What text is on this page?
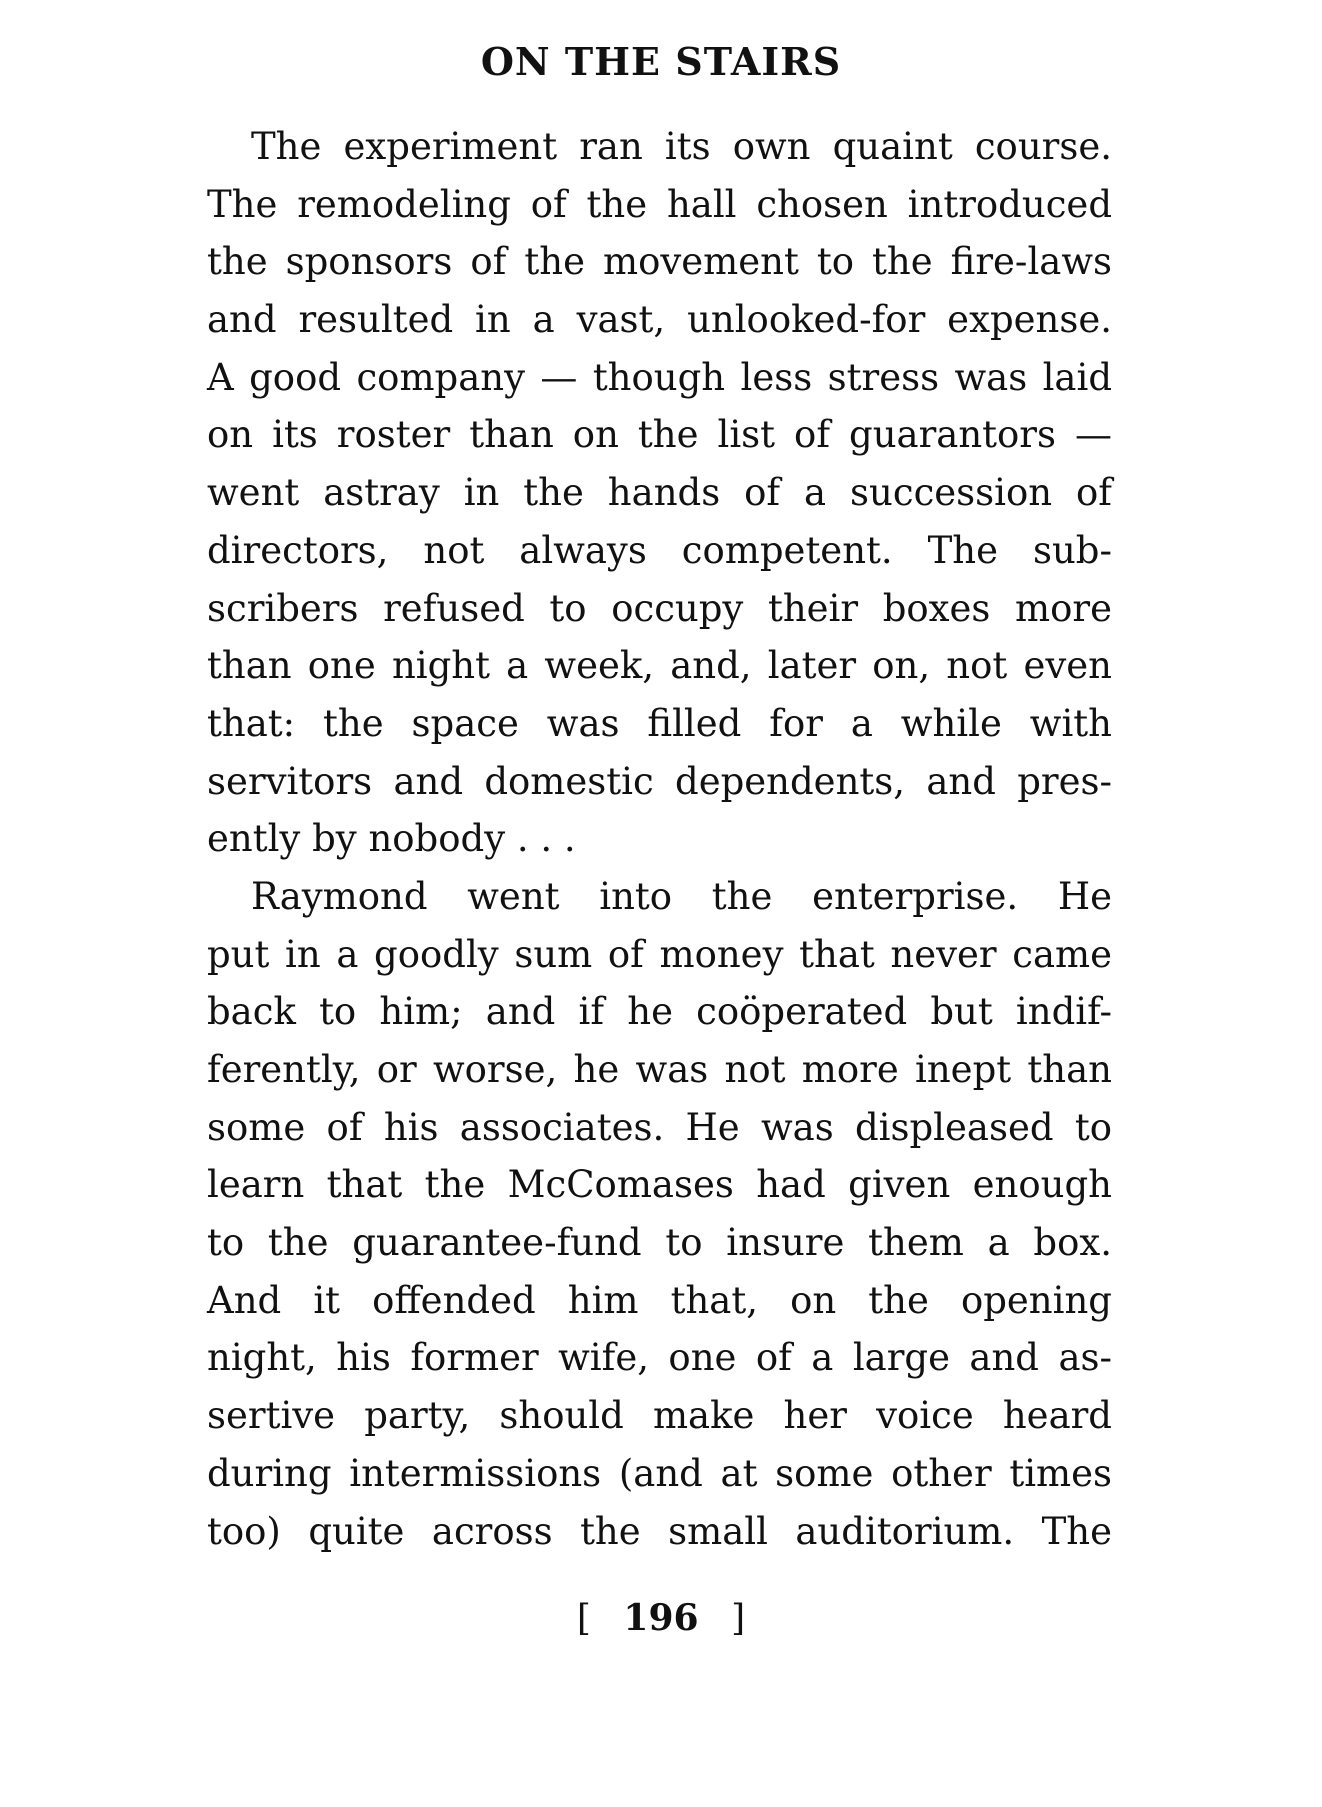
ON THE STAIRS
The experiment ran its own quaint course.
The remodeling of the hall chosen introduced
the sponsors of the movement to the fire-laws
and resulted in a vast, unlooked-for expense.
A good company — though less stress was laid
on its roster than on the list of guarantors —
went astray in the hands of a succession of
directors, not always competent. The sub-
scribers refused to occupy their boxes more
than one night a week, and, later on, not even
that: the space was filled for a while with
servitors and domestic dependents, and pres-
ently by nobody . . .
Raymond went into the enterprise. He
put in a goodly sum of money that never came
back to him; and if he coöperated but indif-
ferently, or worse, he was not more inept than
some of his associates. He was displeased to
learn that the McComases had given enough
to the guarantee-fund to insure them a box.
And it offended him that, on the opening
night, his former wife, one of a large and as-
sertive party, should make her voice heard
during intermissions (and at some other times
too) quite across the small auditorium. The
[ 196 ]
